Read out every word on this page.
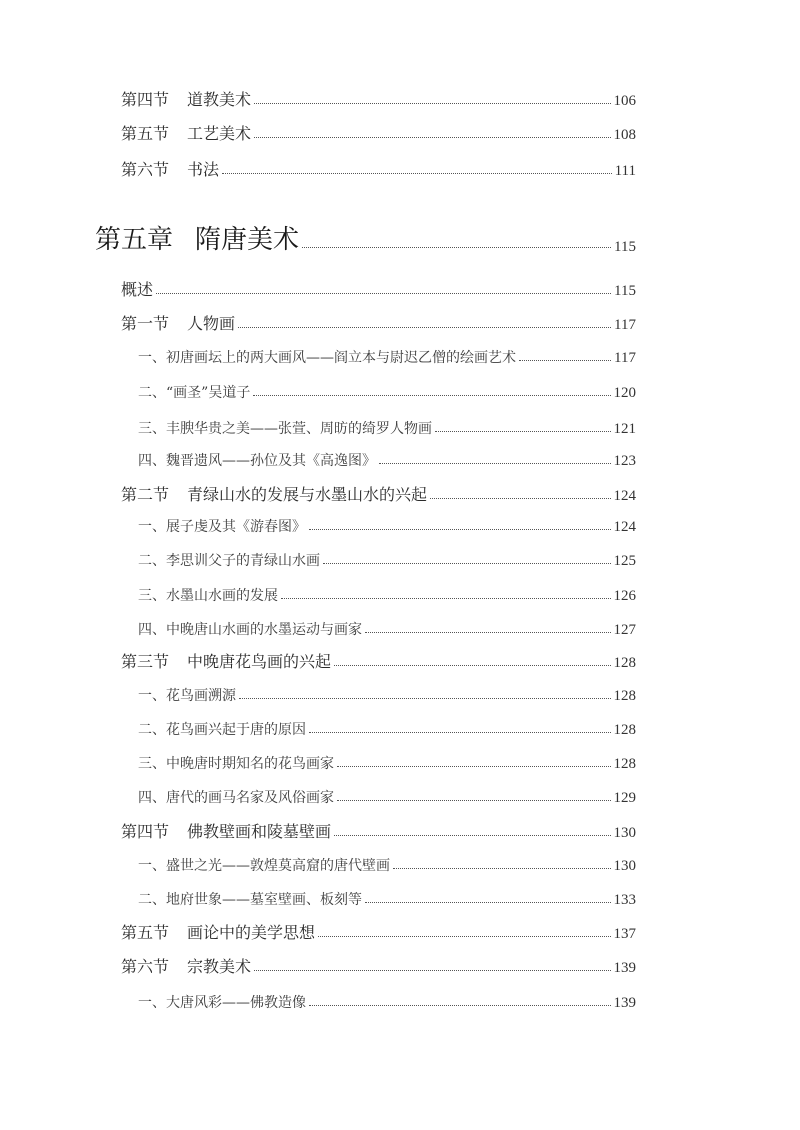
第四节 道教美术	106
第五节 工艺美术	108
第六节 书法	111
第五章 隋唐美术	115
概述	115
第一节 人物画	117
一、初唐画坛上的两大画风——阎立本与尉迟乙僧的绘画艺术	117
二、“画圣”吴道子	120
三、丰腴华贵之美——张萱、周昉的绮罗人物画	121
四、魏晋遗风——孙位及其《高逸图》	123
第二节 青绿山水的发展与水墨山水的兴起	124
一、展子虔及其《游春图》	124
二、李思训父子的青绿山水画	125
三、水墨山水画的发展	126
四、中晚唐山水画的水墨运动与画家	127
第三节 中晚唐花鸟画的兴起	128
一、花鸟画溯源	128
二、花鸟画兴起于唐的原因	128
三、中晚唐时期知名的花鸟画家	128
四、唐代的画马名家及风俗画家	129
第四节 佛教壁画和陵墓壁画	130
一、盛世之光——敦煌莫高窟的唐代壁画	130
二、地府世象——墓室壁画、板刻等	133
第五节 画论中的美学思想	137
第六节 宗教美术	139
一、大唐风彩——佛教造像	139
